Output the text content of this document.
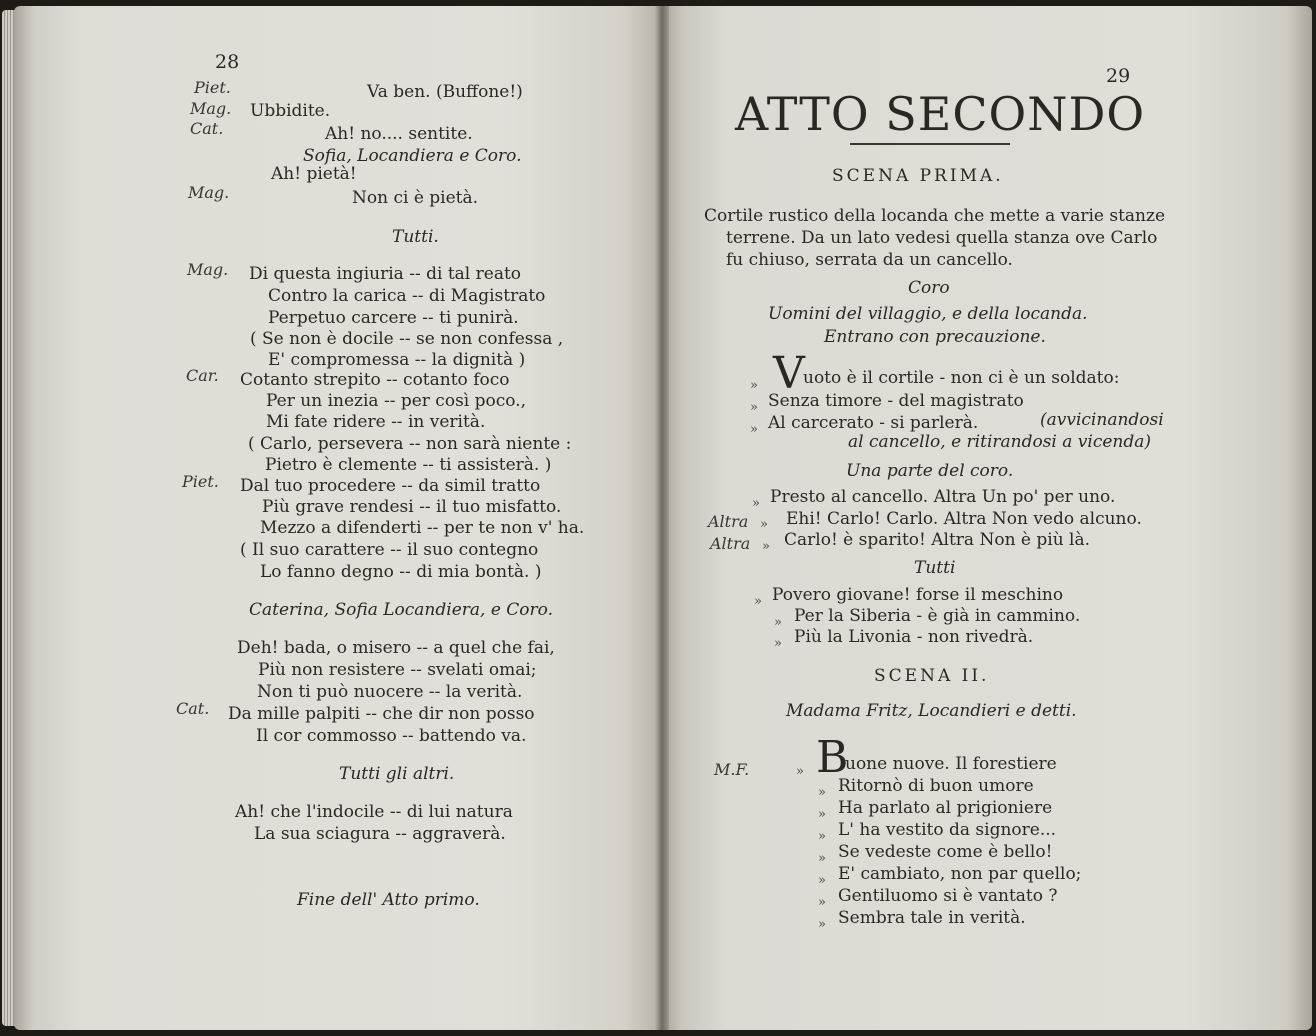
28
Piet.	Va ben. (Buffone!)
Mag. Ubbidite.
Cat.	Ah! no.... sentite.
Sofia, Locandiera e Coro.
Ah! pietà!
Mag.	Non ci è pietà.
Tutti.
Mag. Di questa ingiuria -- di tal reato
Contro la carica -- di Magistrato
Perpetuo carcere -- ti punirà.
( Se non è docile -- se non confessa ,
E' compromessa -- la dignità )
Car. Cotanto strepito -- cotanto foco
Per un inezia -- per così poco.,
Mi fate ridere -- in verità.
( Carlo, persevera -- non sarà niente :
Pietro è clemente -- ti assisterà. )
Piet. Dal tuo procedere -- da simil tratto
Più grave rendesi -- il tuo misfatto.
Mezzo a difenderti -- per te non v' ha.
( Il suo carattere -- il suo contegno
Lo fanno degno -- di mia bontà. )
Caterina, Sofia Locandiera, e Coro.
Deh! bada, o misero -- a quel che fai,
Più non resistere -- svelati omai;
Non ti può nuocere -- la verità.
Cat. Da mille palpiti -- che dir non posso
Il cor commosso -- battendo va.
Tutti gli altri.
Ah! che l'indocile -- di lui natura
La sua sciagura -- aggraverà.
Fine dell' Atto primo.
29
ATTO SECONDO
SCENA PRIMA.
Cortile rustico della locanda che mette a varie stanze
terrene. Da un lato vedesi quella stanza ove Carlo
fu chiuso, serrata da un cancello.
Coro
Uomini del villaggio, e della locanda.
Entrano con precauzione.
» V
uoto è il cortile - non ci è un soldato:
» Senza timore - del magistrato
» Al carcerato - si parlerà.	(avvicinandosi
al cancello, e ritirandosi a vicenda)
Una parte del coro.
» Presto al cancello. Altra Un po' per uno.
Altra » Ehi! Carlo! Carlo. Altra Non vedo alcuno.
Altra » Carlo! è sparito! Altra Non è più là.
Tutti
» Povero giovane! forse il meschino
» Per la Siberia - è già in cammino.
» Più la Livonia - non rivedrà.
SCENA II.
Madama Fritz, Locandieri e detti.
M.F.	» B
uone nuove. Il forestiere
» Ritornò di buon umore
» Ha parlato al prigioniere
» L' ha vestito da signore...
» Se vedeste come è bello!
» E' cambiato, non par quello;
» Gentiluomo si è vantato ?
» Sembra tale in verità.
